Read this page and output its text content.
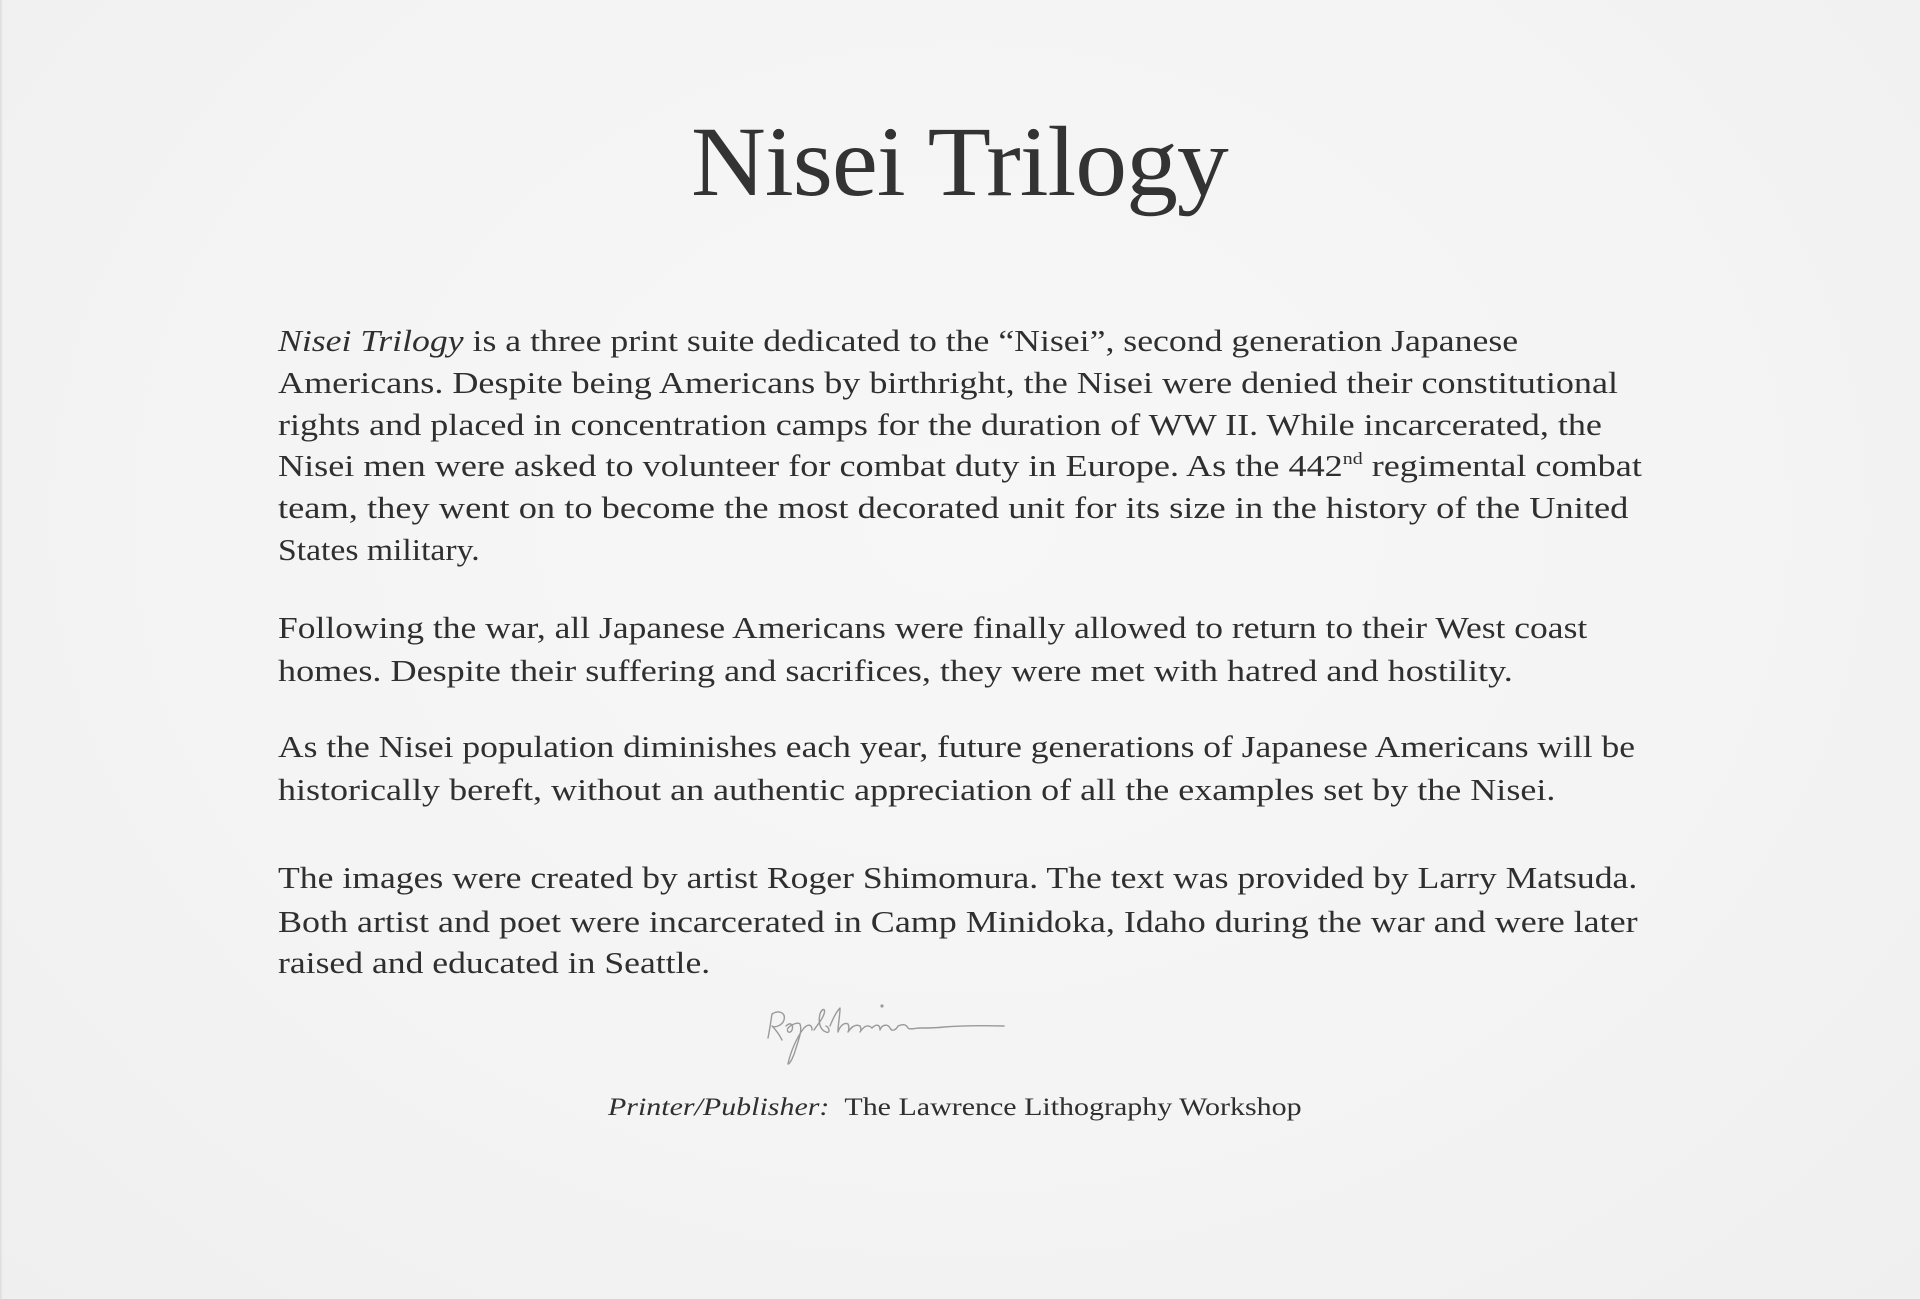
Nisei Trilogy
Nisei Trilogy is a three print suite dedicated to the “Nisei”, second generation Japanese
Americans. Despite being Americans by birthright, the Nisei were denied their constitutional
rights and placed in concentration camps for the duration of WW II. While incarcerated, the
Nisei men were asked to volunteer for combat duty in Europe. As the 442nd regimental combat
team, they went on to become the most decorated unit for its size in the history of the United
States military.
Following the war, all Japanese Americans were finally allowed to return to their West coast
homes. Despite their suffering and sacrifices, they were met with hatred and hostility.
As the Nisei population diminishes each year, future generations of Japanese Americans will be
historically bereft, without an authentic appreciation of all the examples set by the Nisei.
The images were created by artist Roger Shimomura. The text was provided by Larry Matsuda.
Both artist and poet were incarcerated in Camp Minidoka, Idaho during the war and were later
raised and educated in Seattle.
Printer/Publisher: The Lawrence Lithography Workshop
